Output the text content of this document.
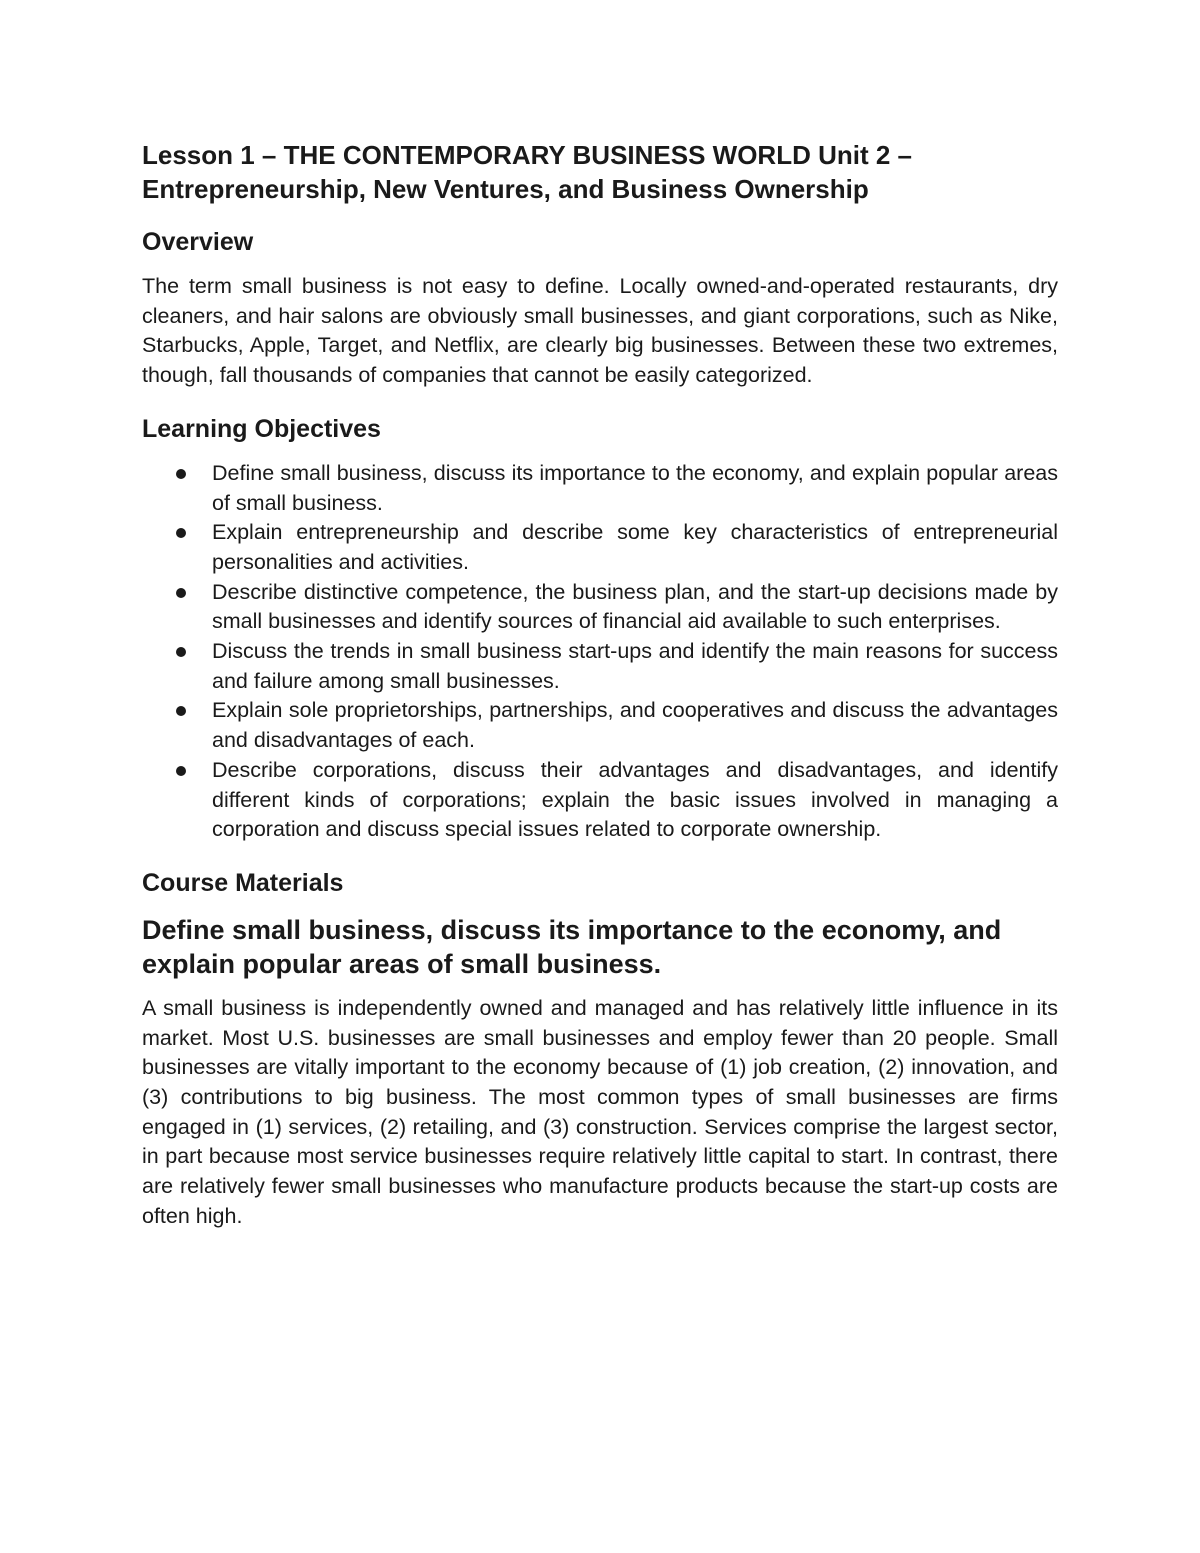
Lesson 1 – THE CONTEMPORARY BUSINESS WORLD Unit 2 – Entrepreneurship, New Ventures, and Business Ownership
Overview

The term small business is not easy to define. Locally owned-and-operated restaurants, dry cleaners, and hair salons are obviously small businesses, and giant corporations, such as Nike, Starbucks, Apple, Target, and Netflix, are clearly big businesses. Between these two extremes, though, fall thousands of companies that cannot be easily categorized.

Learning Objectives
Define small business, discuss its importance to the economy, and explain popular areas of small business.
Explain entrepreneurship and describe some key characteristics of entrepreneurial personalities and activities.
Describe distinctive competence, the business plan, and the start-up decisions made by small businesses and identify sources of financial aid available to such enterprises.
Discuss the trends in small business start-ups and identify the main reasons for success and failure among small businesses.
Explain sole proprietorships, partnerships, and cooperatives and discuss the advantages and disadvantages of each.
Describe corporations, discuss their advantages and disadvantages, and identify different kinds of corporations; explain the basic issues involved in managing a corporation and discuss special issues related to corporate ownership.
Course Materials
Define small business, discuss its importance to the economy, and explain popular areas of small business.

A small business is independently owned and managed and has relatively little influence in its market. Most U.S. businesses are small businesses and employ fewer than 20 people. Small businesses are vitally important to the economy because of (1) job creation, (2) innovation, and (3) contributions to big business. The most common types of small businesses are firms engaged in (1) services, (2) retailing, and (3) construction. Services comprise the largest sector, in part because most service businesses require relatively little capital to start. In contrast, there are relatively fewer small businesses who manufacture products because the start-up costs are often high.
